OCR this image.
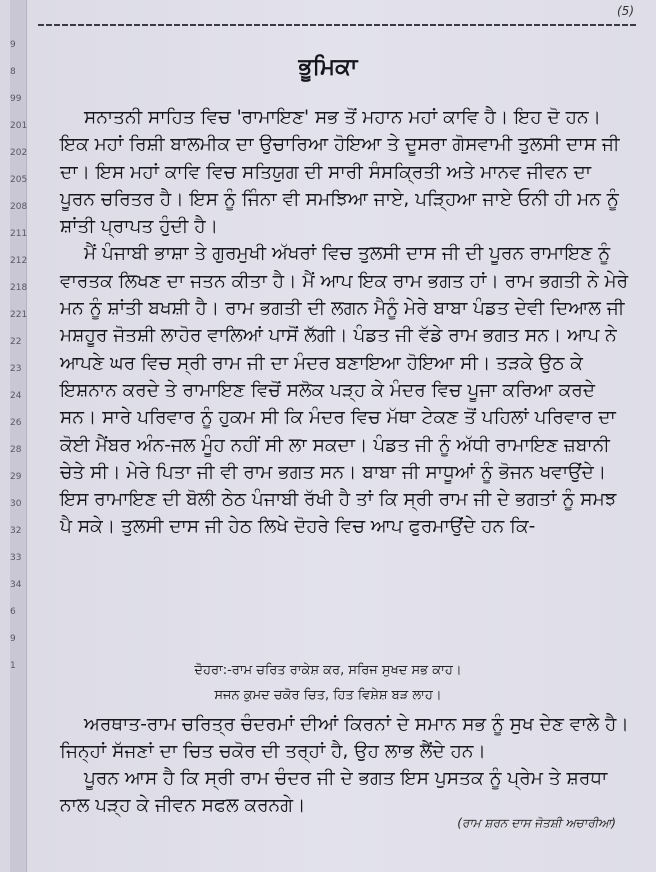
9
8
99
201
202
205
208
211
212
218
221
22
23
24
26
28
29
30
32
33
34
6
9
1
(5)
ਭੂਮਿਕਾ

ਸਨਾਤਨੀ ਸਾਹਿਤ ਵਿਚ 'ਰਾਮਾਇਣ' ਸਭ ਤੋਂ ਮਹਾਨ ਮਹਾਂ ਕਾਵਿ ਹੈ। ਇਹ ਦੋ ਹਨ। ਇਕ ਮਹਾਂ ਰਿਸ਼ੀ ਬਾਲਮੀਕ ਦਾ ਉਚਾਰਿਆ ਹੋਇਆ ਤੇ ਦੂਸਰਾ ਗੋਸਵਾਮੀ ਤੁਲਸੀ ਦਾਸ ਜੀ ਦਾ। ਇਸ ਮਹਾਂ ਕਾਵਿ ਵਿਚ ਸਤਿਯੁਗ ਦੀ ਸਾਰੀ ਸੰਸਕ੍ਰਿਤੀ ਅਤੇ ਮਾਨਵ ਜੀਵਨ ਦਾ ਪੂਰਨ ਚਰਿਤਰ ਹੈ। ਇਸ ਨੂੰ ਜਿੰਨਾ ਵੀ ਸਮਝਿਆ ਜਾਏ, ਪੜ੍ਹਿਆ ਜਾਏ ਓਨੀ ਹੀ ਮਨ ਨੂੰ ਸ਼ਾਂਤੀ ਪ੍ਰਾਪਤ ਹੁੰਦੀ ਹੈ।

ਮੈਂ ਪੰਜਾਬੀ ਭਾਸ਼ਾ ਤੇ ਗੁਰਮੁਖੀ ਅੱਖਰਾਂ ਵਿਚ ਤੁਲਸੀ ਦਾਸ ਜੀ ਦੀ ਪੂਰਨ ਰਾਮਾਇਣ ਨੂੰ ਵਾਰਤਕ ਲਿਖਣ ਦਾ ਜਤਨ ਕੀਤਾ ਹੈ। ਮੈਂ ਆਪ ਇਕ ਰਾਮ ਭਗਤ ਹਾਂ। ਰਾਮ ਭਗਤੀ ਨੇ ਮੇਰੇ ਮਨ ਨੂੰ ਸ਼ਾਂਤੀ ਬਖਸ਼ੀ ਹੈ। ਰਾਮ ਭਗਤੀ ਦੀ ਲਗਨ ਮੈਨੂੰ ਮੇਰੇ ਬਾਬਾ ਪੰਡਤ ਦੇਵੀ ਦਿਆਲ ਜੀ ਮਸ਼ਹੂਰ ਜੋਤਸ਼ੀ ਲਾਹੋਰ ਵਾਲਿਆਂ ਪਾਸੋਂ ਲੱਗੀ। ਪੰਡਤ ਜੀ ਵੱਡੇ ਰਾਮ ਭਗਤ ਸਨ। ਆਪ ਨੇ ਆਪਣੇ ਘਰ ਵਿਚ ਸ੍ਰੀ ਰਾਮ ਜੀ ਦਾ ਮੰਦਰ ਬਣਾਇਆ ਹੋਇਆ ਸੀ। ਤੜਕੇ ਉਠ ਕੇ ਇਸ਼ਨਾਨ ਕਰਦੇ ਤੇ ਰਾਮਾਇਣ ਵਿਚੋਂ ਸਲੋਕ ਪੜ੍ਹ ਕੇ ਮੰਦਰ ਵਿਚ ਪੂਜਾ ਕਰਿਆ ਕਰਦੇ ਸਨ। ਸਾਰੇ ਪਰਿਵਾਰ ਨੂੰ ਹੁਕਮ ਸੀ ਕਿ ਮੰਦਰ ਵਿਚ ਮੱਥਾ ਟੇਕਣ ਤੋਂ ਪਹਿਲਾਂ ਪਰਿਵਾਰ ਦਾ ਕੋਈ ਮੈਂਬਰ ਅੰਨ-ਜਲ ਮੂੰਹ ਨਹੀਂ ਸੀ ਲਾ ਸਕਦਾ। ਪੰਡਤ ਜੀ ਨੂੰ ਅੱਧੀ ਰਾਮਾਇਣ ਜ਼ਬਾਨੀ ਚੇਤੇ ਸੀ। ਮੇਰੇ ਪਿਤਾ ਜੀ ਵੀ ਰਾਮ ਭਗਤ ਸਨ। ਬਾਬਾ ਜੀ ਸਾਧੂਆਂ ਨੂੰ ਭੋਜਨ ਖਵਾਉਂਦੇ। ਇਸ ਰਾਮਾਇਣ ਦੀ ਬੋਲੀ ਠੇਠ ਪੰਜਾਬੀ ਰੱਖੀ ਹੈ ਤਾਂ ਕਿ ਸ੍ਰੀ ਰਾਮ ਜੀ ਦੇ ਭਗਤਾਂ ਨੂੰ ਸਮਝ ਪੈ ਸਕੇ। ਤੁਲਸੀ ਦਾਸ ਜੀ ਹੇਠ ਲਿਖੇ ਦੋਹਰੇ ਵਿਚ ਆਪ ਫੁਰਮਾਉਂਦੇ ਹਨ ਕਿ-

ਦੋਹਰਾ:-ਰਾਮ ਚਰਿਤ ਰਾਕੇਸ਼ ਕਰ, ਸਰਿਜ ਸੁਖਦ ਸਭ ਕਾਹ।
ਸਜਨ ਕੁਮਦ ਚਕੋਰ ਚਿਤ, ਹਿਤ ਵਿਸ਼ੇਸ਼ ਬੜ ਲਾਹ।

ਅਰਥਾਤ-ਰਾਮ ਚਰਿਤ੍ਰ ਚੰਦਰਮਾਂ ਦੀਆਂ ਕਿਰਨਾਂ ਦੇ ਸਮਾਨ ਸਭ ਨੂੰ ਸੁਖ ਦੇਣ ਵਾਲੇ ਹੈ। ਜਿਨ੍ਹਾਂ ਸੱਜਣਾਂ ਦਾ ਚਿਤ ਚਕੋਰ ਦੀ ਤਰ੍ਹਾਂ ਹੈ, ਉਹ ਲਾਭ ਲੈਂਦੇ ਹਨ।

ਪੂਰਨ ਆਸ ਹੈ ਕਿ ਸ੍ਰੀ ਰਾਮ ਚੰਦਰ ਜੀ ਦੇ ਭਗਤ ਇਸ ਪੁਸਤਕ ਨੂੰ ਪ੍ਰੇਮ ਤੇ ਸ਼ਰਧਾ ਨਾਲ ਪੜ੍ਹ ਕੇ ਜੀਵਨ ਸਫਲ ਕਰਨਗੇ।

(ਰਾਮ ਸ਼ਰਨ ਦਾਸ ਜੋਤਸ਼ੀ ਅਚਾਰੀਆ)
